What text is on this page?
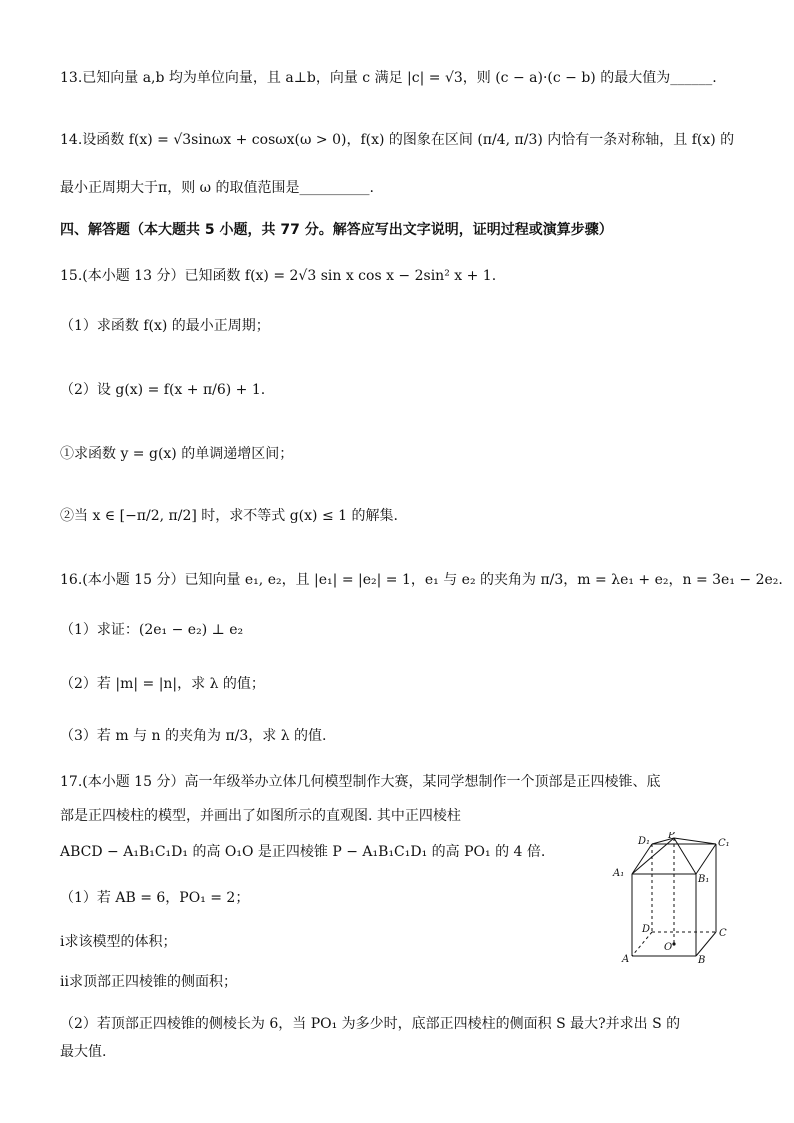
13.已知向量 a,b 均为单位向量，且 a⊥b，向量 c 满足 |c| = √3，则 (c − a)·(c − b) 的最大值为______.
14.设函数 f(x) = √3sinωx + cosωx(ω > 0)，f(x) 的图象在区间 (π/4, π/3) 内恰有一条对称轴，且 f(x) 的
最小正周期大于π，则 ω 的取值范围是__________.
四、解答题（本大题共 5 小题，共 77 分。解答应写出文字说明，证明过程或演算步骤）
15.(本小题 13 分）已知函数 f(x) = 2√3 sin x cos x − 2sin² x + 1.
（1）求函数 f(x) 的最小正周期；
（2）设 g(x) = f(x + π/6) + 1.
①求函数 y = g(x) 的单调递增区间；
②当 x ∈ [−π/2, π/2] 时，求不等式 g(x) ≤ 1 的解集.
16.(本小题 15 分）已知向量 e₁, e₂，且 |e₁| = |e₂| = 1，e₁ 与 e₂ 的夹角为 π/3，m = λe₁ + e₂，n = 3e₁ − 2e₂.
（1）求证：(2e₁ − e₂) ⊥ e₂
（2）若 |m| = |n|，求 λ 的值；
（3）若 m 与 n 的夹角为 π/3，求 λ 的值.
17.(本小题 15 分）高一年级举办立体几何模型制作大赛，某同学想制作一个顶部是正四棱锥、底
部是正四棱柱的模型，并画出了如图所示的直观图. 其中正四棱柱
ABCD − A₁B₁C₁D₁ 的高 O₁O 是正四棱锥 P − A₁B₁C₁D₁ 的高 PO₁ 的 4 倍.
（1）若 AB = 6，PO₁ = 2；
ⅰ求该模型的体积；
ⅱ求顶部正四棱锥的侧面积；
（2）若顶部正四棱锥的侧棱长为 6，当 PO₁ 为多少时，底部正四棱柱的侧面积 S 最大?并求出 S 的
最大值.
P
A₁
B₁
C₁
D₁
A	B
C
D
O
